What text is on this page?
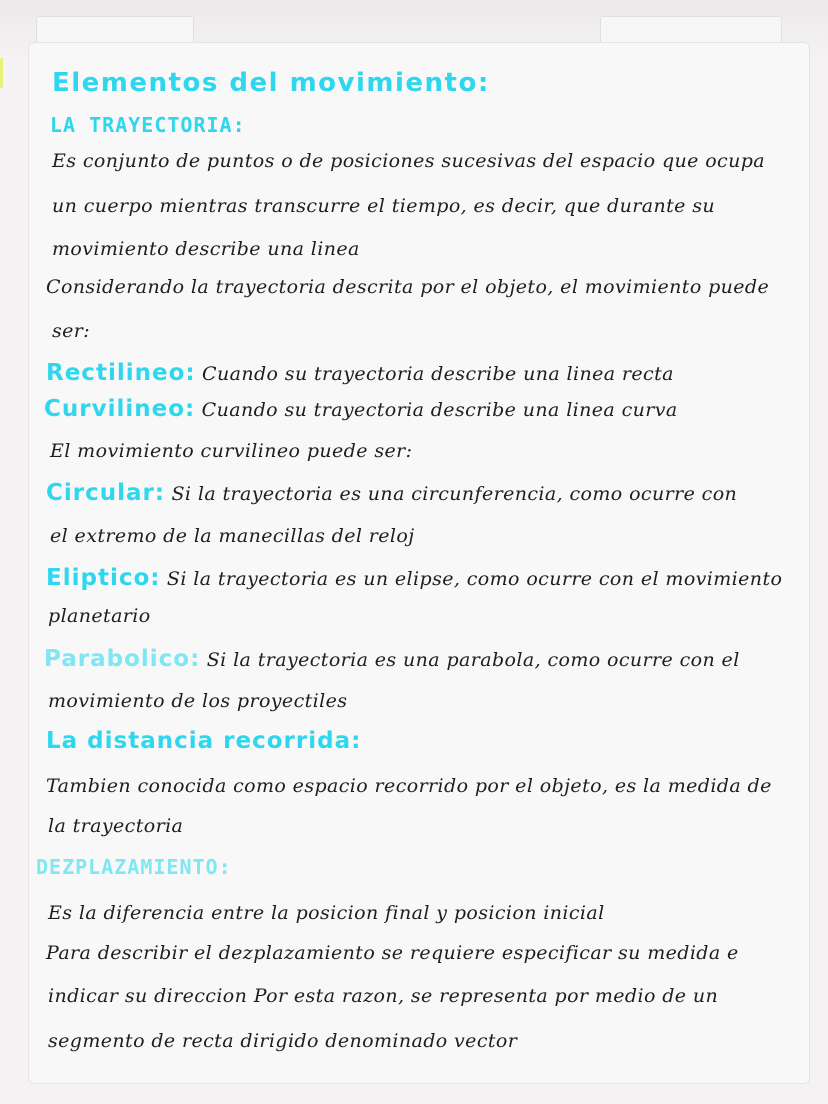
Elementos del movimiento:
LA TRAYECTORIA:
Es conjunto de puntos o de posiciones sucesivas del espacio que ocupa
un cuerpo mientras transcurre el tiempo, es decir, que durante su
movimiento describe una linea
Considerando la trayectoria descrita por el objeto, el movimiento puede
ser:
Rectilineo: Cuando su trayectoria describe una linea recta
Curvilineo: Cuando su trayectoria describe una linea curva
El movimiento curvilineo puede ser:
Circular: Si la trayectoria es una circunferencia, como ocurre con
el extremo de la manecillas del reloj
Eliptico: Si la trayectoria es un elipse, como ocurre con el movimiento
planetario
Parabolico: Si la trayectoria es una parabola, como ocurre con el
movimiento de los proyectiles
La distancia recorrida:
Tambien conocida como espacio recorrido por el objeto, es la medida de
la trayectoria
DEZPLAZAMIENTO:
Es la diferencia entre la posicion final y posicion inicial
Para describir el dezplazamiento se requiere especificar su medida e
indicar su direccion Por esta razon, se representa por medio de un
segmento de recta dirigido denominado vector
